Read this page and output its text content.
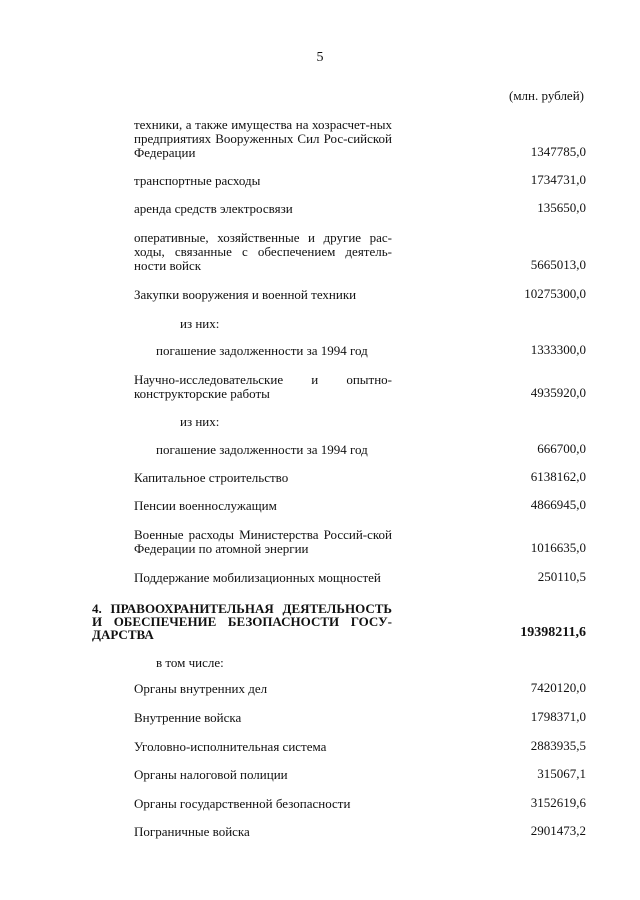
5
(млн. рублей)
техники, а также имущества на хозрасчет-ных предприятиях Вооруженных Сил Рос-сийской Федерации	1347785,0
транспортные расходы	1734731,0
аренда средств электросвязи	135650,0
оперативные, хозяйственные и другие рас-ходы, связанные с обеспечением деятель-ности войск	5665013,0
Закупки вооружения и военной техники	10275300,0
из них:
погашение задолженности за 1994 год	1333300,0
Научно-исследовательские и опытно-конструкторские работы	4935920,0
из них:
погашение задолженности за 1994 год	666700,0
Капитальное строительство	6138162,0
Пенсии военнослужащим	4866945,0
Военные расходы Министерства Россий-ской Федерации по атомной энергии	1016635,0
Поддержание мобилизационных мощностей	250110,5
4. ПРАВООХРАНИТЕЛЬНАЯ ДЕЯТЕЛЬНОСТЬ И ОБЕСПЕЧЕНИЕ БЕЗОПАСНОСТИ ГОСУ-ДАРСТВА	19398211,6
в том числе:
Органы внутренних дел	7420120,0
Внутренние войска	1798371,0
Уголовно-исполнительная система	2883935,5
Органы налоговой полиции	315067,1
Органы государственной безопасности	3152619,6
Пограничные войска	2901473,2
